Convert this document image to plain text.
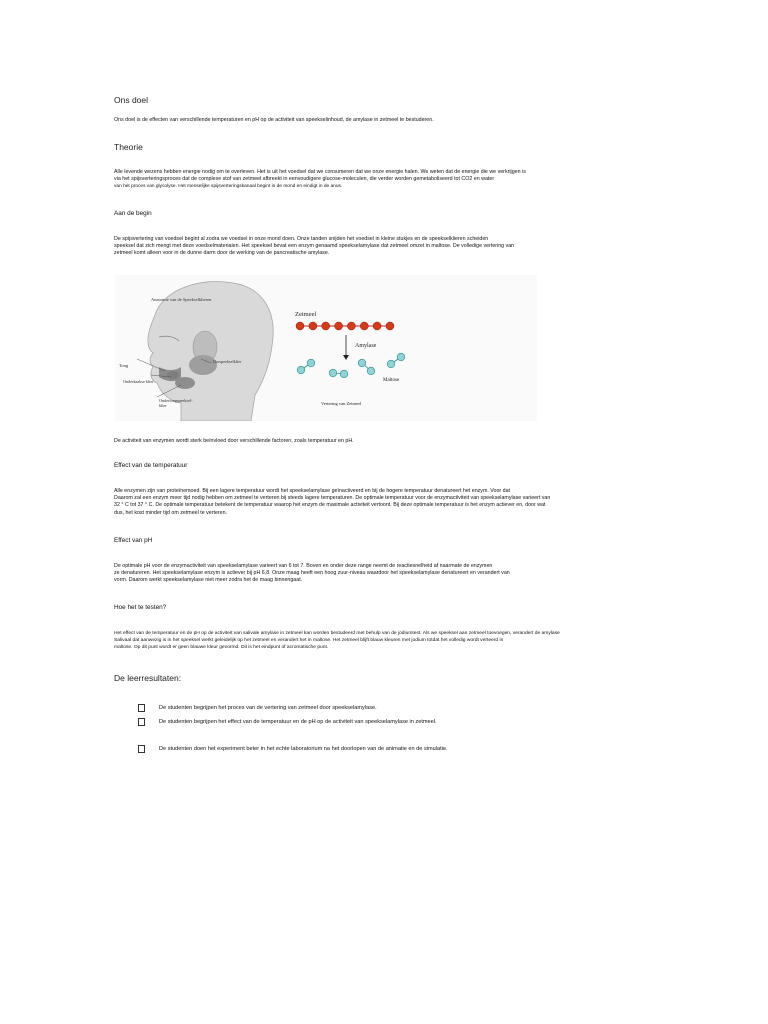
Ons doel
Ons doel is de effecten van verschillende temperaturen en pH op de activiteit van speekselinhoud, de amylase in zetmeel te bestuderen.
Theorie
Alle levende wezens hebben energie nodig om te overleven. Het is uit het voedsel dat we consumeren dat we onze energie halen. We weten dat de energie die we verkrijgen is
via het spijsverteringsproces dat de complexe stof van zetmeel afbreekt in eenvoudigere glucose-moleculen, die verder worden gemetaboliseerd tot CO2 en water
van het proces van glycolyse. Het menselijke spijsverteringskanaal begint in de mond en eindigt in de anus.
Aan de begin
De spijsvertering van voedsel begint al zodra we voedsel in onze mond doen. Onze tanden snijden het voedsel in kleine stukjes en de speekselklieren scheiden
speeksel dat zich mengt met deze voedselmaterialen. Het speeksel bevat een enzym genaamd speekselamylase dat zetmeel omzet in maltose. De volledige vertering van
zetmeel komt alleen voor in de dunne darm door de werking van de pancreatische amylase.
Anatomie van de Speekselklieren
Tong
Onderkaakse klier
Oorspeekselklier
Ondertongspeeksel-
klier
Zetmeel
Amylase
Maltose
Vertering van Zetmeel
De activiteit van enzymen wordt sterk beïnvloed door verschillende factoren, zoals temperatuur en pH.
Effect van de temperatuur
Alle enzymen zijn van proteïnemoed. Bij een lagere temperatuur wordt het speekselamylase geïnactiveerd en bij de hogere temperatuur denatureert het enzym. Voor dat
Daarom zal een enzym meer tijd nodig hebben om zetmeel te verteren bij steeds lagere temperaturen. De optimale temperatuur voor de enzymactiviteit van speekselamylase varieert van
32 ° C tot 37 ° C. De optimale temperatuur betekent de temperatuur waarop het enzym de maximale activiteit vertoont. Bij deze optimale temperatuur is het enzym actiever en, door wat
dus, het kost minder tijd om zetmeel te verteren.
Effect van pH
De optimale pH voor de enzymactiviteit van speekselamylase varieert van 6 tot 7. Boven en onder deze range neemt de reactiesnelheid af naarmate de enzymen
ze denatureren. Het speekselamylase enzym is actiever bij pH 6,8. Onze maag heeft een hoog zuur-niveau waardoor het speekselamylase denatureert en verandert van
vorm. Daarom werkt speekselamylase niet meer zodra het de maag binnengaat.
Hoe het te testen?
Het effect van de temperatuur en de pH op de activiteit van salivale amylase in zetmeel kan worden bestudeerd met behulp van de jodiumtest. Als we speeksel aan zetmeel toevoegen, verandert de amylase
Salivaal dat aanwezig is in het speeksel werkt geleidelijk op het zetmeel en verandert het in maltose. Het zetmeel blijft blauw kleuren met jodium totdat het volledig wordt verteerd in
maltose. Op dit punt wordt er geen blauwe kleur gevormd. Dit is het eindpunt of acromatische punt.
De leerresultaten:
De studenten begrijpen het proces van de vertering van zetmeel door speekselamylase.
De studenten begrijpen het effect van de temperatuur en de pH op de activiteit van speekselamylase in zetmeel.
De studenten doen het experiment beter in het echte laboratorium na het doorlopen van de animatie en de simulatie.
